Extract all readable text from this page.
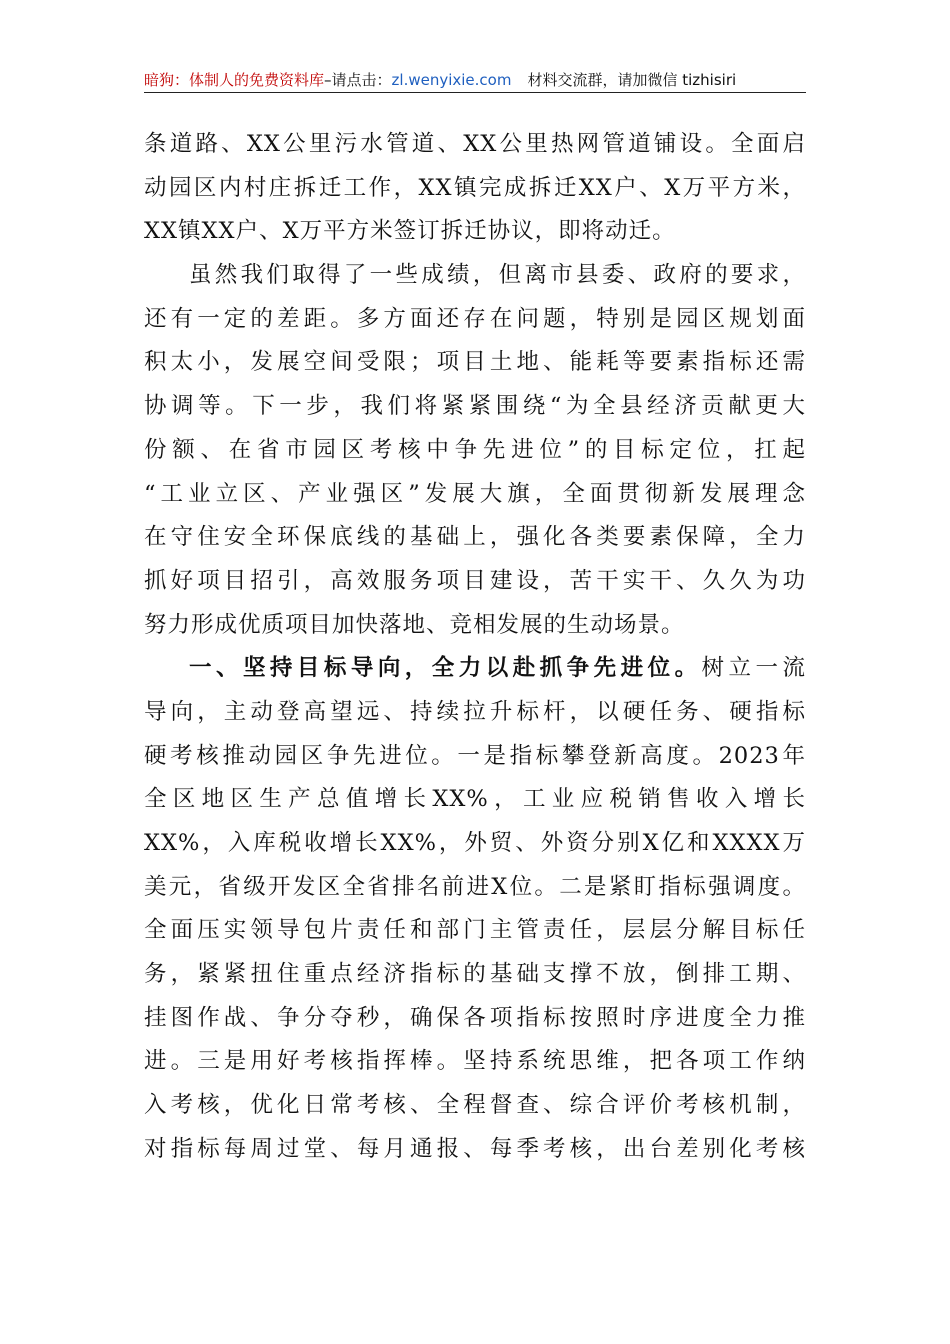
暗狗：体制人的免费资料库–请点击：zl.wenyixie.com 材料交流群，请加微信 tizhisiri
条道路、XX公里污水管道、XX公里热网管道铺设。全面启
动园区内村庄拆迁工作，XX镇完成拆迁XX户、X万平方米，
XX镇XX户、X万平方米签订拆迁协议，即将动迁。
虽然我们取得了一些成绩，但离市县委、政府的要求，
还有一定的差距。多方面还存在问题，特别是园区规划面
积太小，发展空间受限；项目土地、能耗等要素指标还需
协调等。下一步，我们将紧紧围绕“为全县经济贡献更大
份额、在省市园区考核中争先进位”的目标定位，扛起
“工业立区、产业强区”发展大旗，全面贯彻新发展理念
在守住安全环保底线的基础上，强化各类要素保障，全力
抓好项目招引，高效服务项目建设，苦干实干、久久为功
努力形成优质项目加快落地、竞相发展的生动场景。
一、坚持目标导向，全力以赴抓争先进位。树立一流
导向，主动登高望远、持续拉升标杆，以硬任务、硬指标
硬考核推动园区争先进位。一是指标攀登新高度。2023年
全区地区生产总值增长XX%，工业应税销售收入增长
XX%，入库税收增长XX%，外贸、外资分别X亿和XXXX万
美元，省级开发区全省排名前进X位。二是紧盯指标强调度。
全面压实领导包片责任和部门主管责任，层层分解目标任
务，紧紧扭住重点经济指标的基础支撑不放，倒排工期、
挂图作战、争分夺秒，确保各项指标按照时序进度全力推
进。三是用好考核指挥棒。坚持系统思维，把各项工作纳
入考核，优化日常考核、全程督查、综合评价考核机制，
对指标每周过堂、每月通报、每季考核，出台差别化考核
